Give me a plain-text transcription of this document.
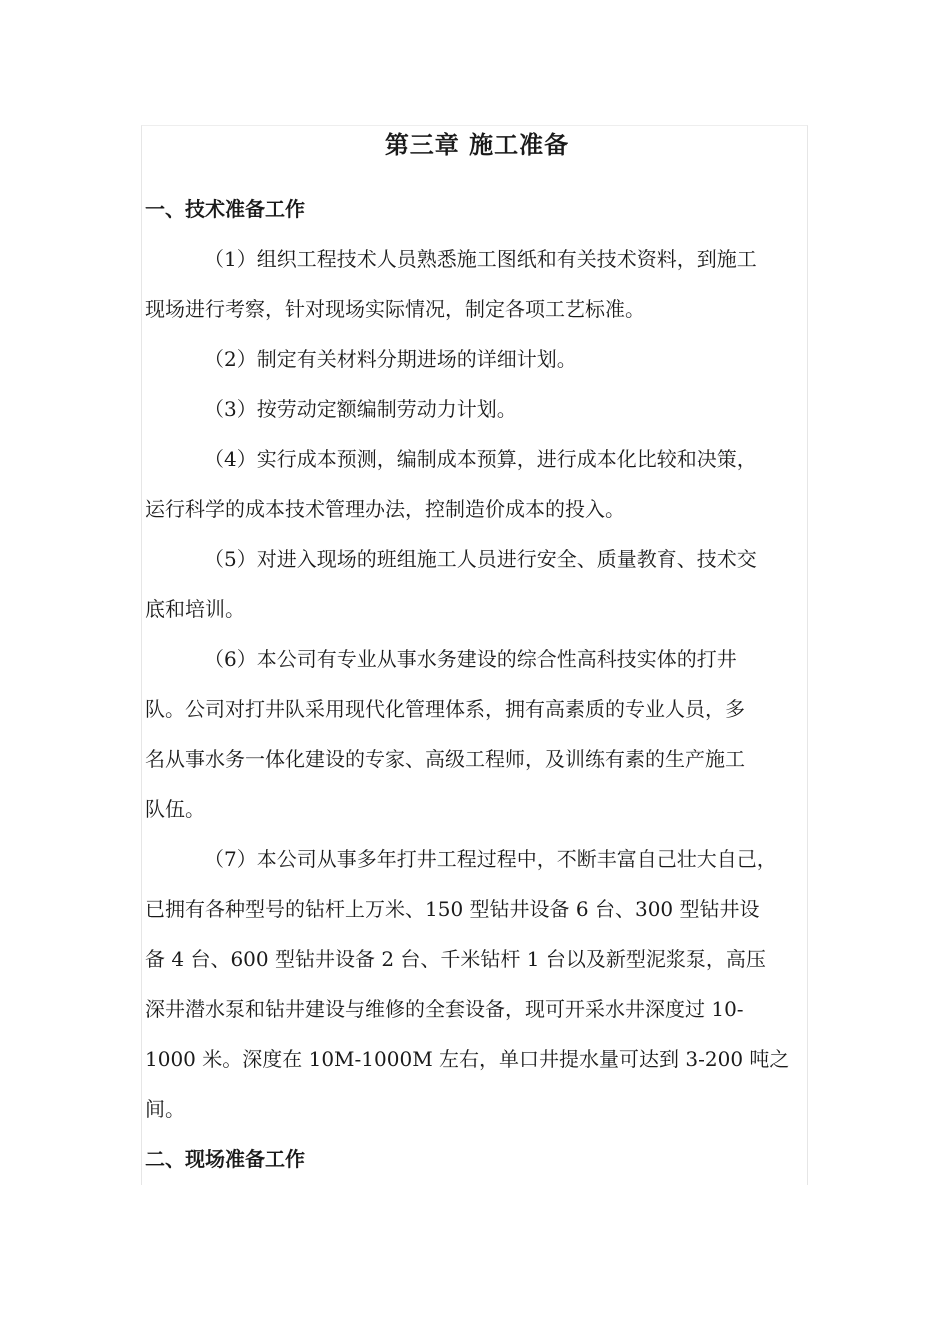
第三章 施工准备
一、技术准备工作

（1）组织工程技术人员熟悉施工图纸和有关技术资料，到施工
现场进行考察，针对现场实际情况，制定各项工艺标准。

（2）制定有关材料分期进场的详细计划。

（3）按劳动定额编制劳动力计划。

（4）实行成本预测，编制成本预算，进行成本化比较和决策，
运行科学的成本技术管理办法，控制造价成本的投入。

（5）对进入现场的班组施工人员进行安全、质量教育、技术交
底和培训。

（6）本公司有专业从事水务建设的综合性高科技实体的打井
队。公司对打井队采用现代化管理体系，拥有高素质的专业人员，多
名从事水务一体化建设的专家、高级工程师，及训练有素的生产施工
队伍。

（7）本公司从事多年打井工程过程中，不断丰富自己壮大自己，
已拥有各种型号的钻杆上万米、150 型钻井设备 6 台、300 型钻井设
备 4 台、600 型钻井设备 2 台、千米钻杆 1 台以及新型泥浆泵，高压
深井潜水泵和钻井建设与维修的全套设备，现可开采水井深度过 10-
1000 米。深度在 10M-1000M 左右，单口井提水量可达到 3-200 吨之
间。

二、现场准备工作
